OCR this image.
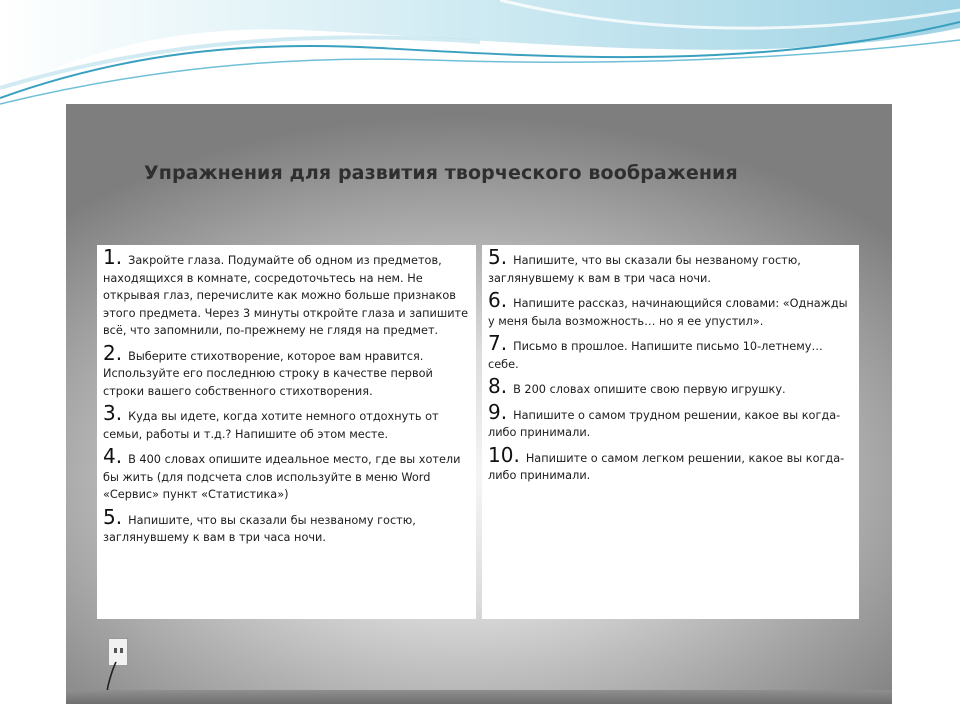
Упражнения для развития творческого воображения
1. Закройте глаза. Подумайте об одном из предметов, находящихся в комнате, сосредоточьтесь на нем. Не открывая глаз, перечислите как можно больше признаков этого предмета. Через 3 минуты откройте глаза и запишите всё, что запомнили, по-прежнему не глядя на предмет.
2. Выберите стихотворение, которое вам нравится. Используйте его последнюю строку в качестве первой строки вашего собственного стихотворения.
3. Куда вы идете, когда хотите немного отдохнуть от семьи, работы и т.д.? Напишите об этом месте.
4. В 400 словах опишите идеальное место, где вы хотели бы жить (для подсчета слов используйте в меню Word «Сервис» пункт «Статистика»)
5. Напишите, что вы сказали бы незваному гостю, заглянувшему к вам в три часа ночи.
5. Напишите, что вы сказали бы незваному гостю, заглянувшему к вам в три часа ночи.
6. Напишите рассказ, начинающийся словами: «Однажды у меня была возможность… но я ее упустил».
7. Письмо в прошлое. Напишите письмо 10-летнему… себе.
8. В 200 словах опишите свою первую игрушку.
9. Напишите о самом трудном решении, какое вы когда-либо принимали.
10. Напишите о самом легком решении, какое вы когда-либо принимали.
